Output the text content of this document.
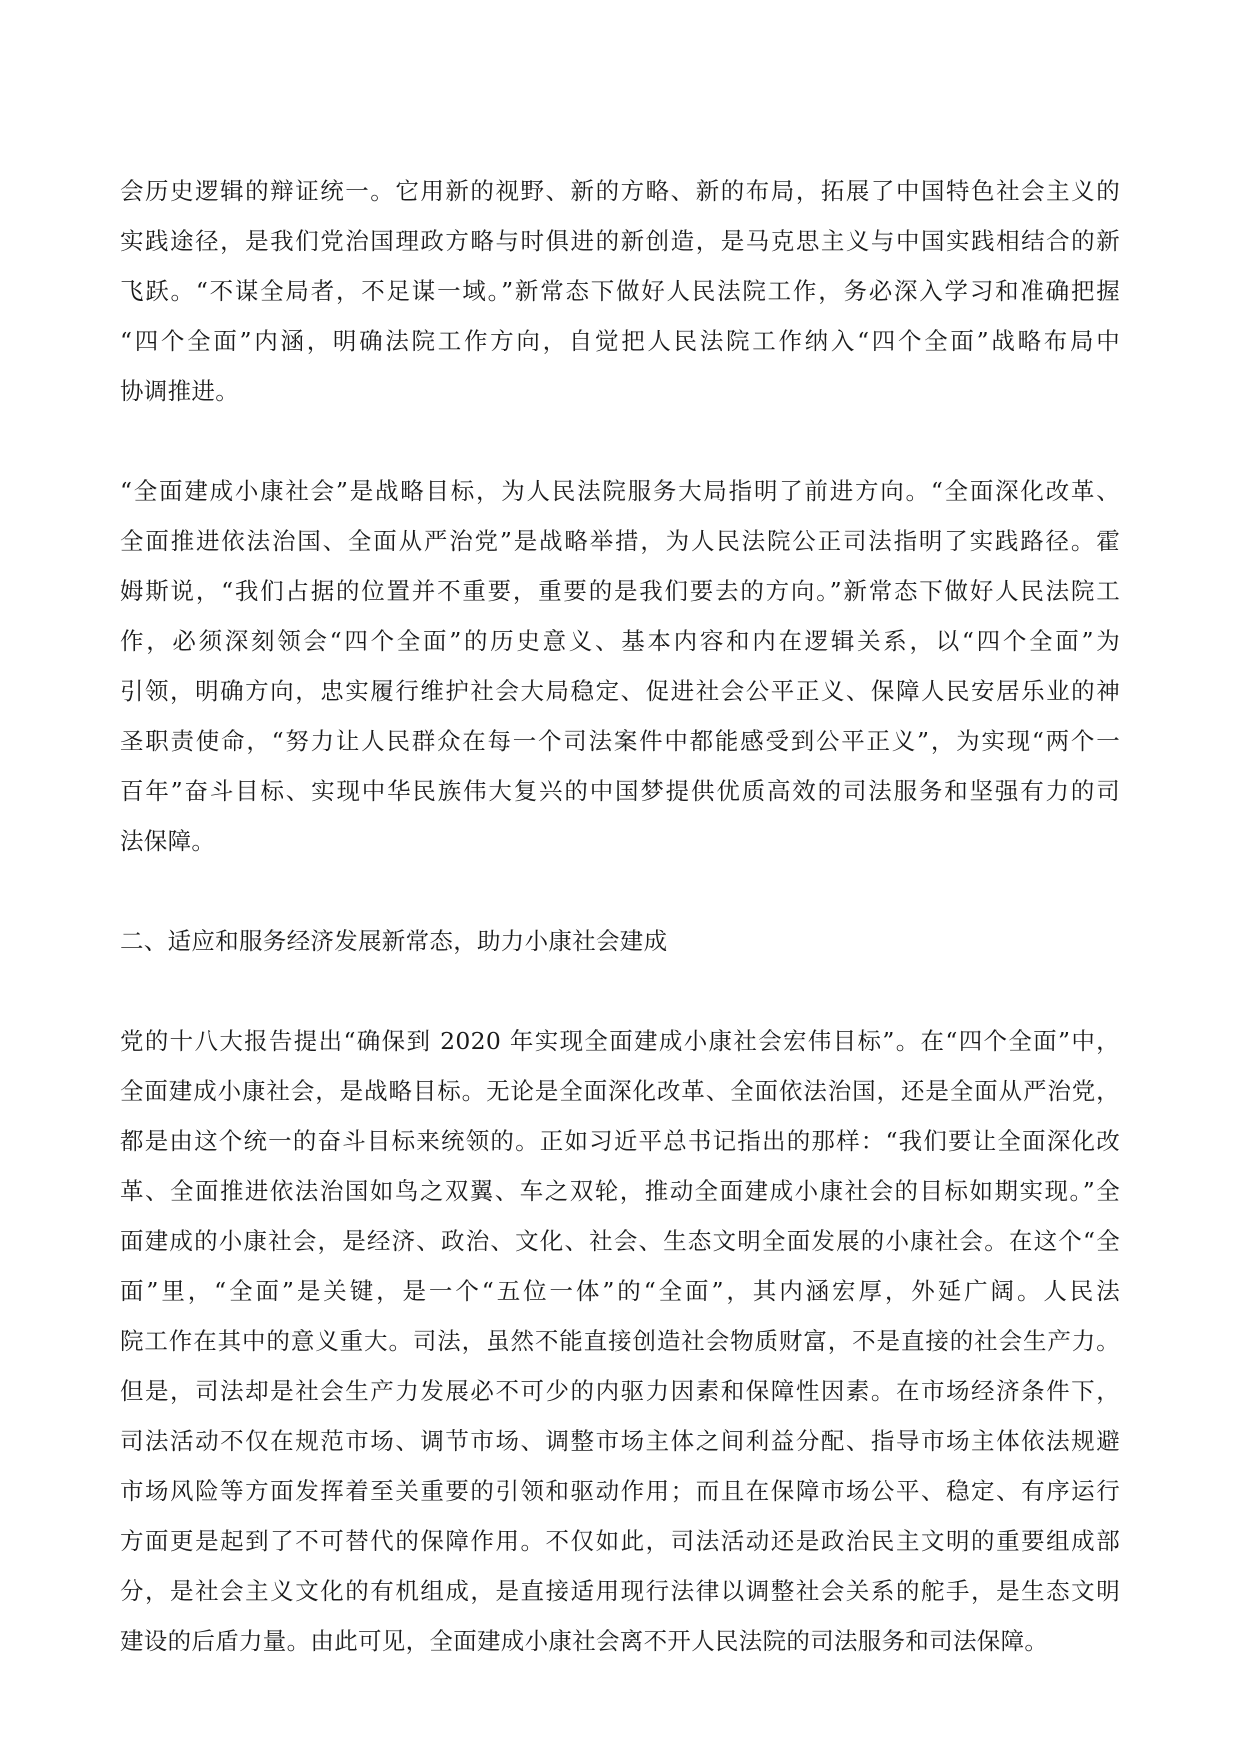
会历史逻辑的辩证统一。它用新的视野、新的方略、新的布局，拓展了中国特色社会主义的

实践途径，是我们党治国理政方略与时俱进的新创造，是马克思主义与中国实践相结合的新

飞跃。“不谋全局者，不足谋一域。”新常态下做好人民法院工作，务必深入学习和准确把握

“四个全面”内涵，明确法院工作方向，自觉把人民法院工作纳入“四个全面”战略布局中

协调推进。

“全面建成小康社会”是战略目标，为人民法院服务大局指明了前进方向。“全面深化改革、

全面推进依法治国、全面从严治党”是战略举措，为人民法院公正司法指明了实践路径。霍

姆斯说，“我们占据的位置并不重要，重要的是我们要去的方向。”新常态下做好人民法院工

作，必须深刻领会“四个全面”的历史意义、基本内容和内在逻辑关系，以“四个全面”为

引领，明确方向，忠实履行维护社会大局稳定、促进社会公平正义、保障人民安居乐业的神

圣职责使命，“努力让人民群众在每一个司法案件中都能感受到公平正义”，为实现“两个一

百年”奋斗目标、实现中华民族伟大复兴的中国梦提供优质高效的司法服务和坚强有力的司

法保障。

二、适应和服务经济发展新常态，助力小康社会建成

党的十八大报告提出“确保到 2020 年实现全面建成小康社会宏伟目标”。在“四个全面”中，

全面建成小康社会，是战略目标。无论是全面深化改革、全面依法治国，还是全面从严治党，

都是由这个统一的奋斗目标来统领的。正如习近平总书记指出的那样：“我们要让全面深化改

革、全面推进依法治国如鸟之双翼、车之双轮，推动全面建成小康社会的目标如期实现。”全

面建成的小康社会，是经济、政治、文化、社会、生态文明全面发展的小康社会。在这个“全

面”里，“全面”是关键，是一个“五位一体”的“全面”，其内涵宏厚，外延广阔。人民法

院工作在其中的意义重大。司法，虽然不能直接创造社会物质财富，不是直接的社会生产力。

但是，司法却是社会生产力发展必不可少的内驱力因素和保障性因素。在市场经济条件下，

司法活动不仅在规范市场、调节市场、调整市场主体之间利益分配、指导市场主体依法规避

市场风险等方面发挥着至关重要的引领和驱动作用；而且在保障市场公平、稳定、有序运行

方面更是起到了不可替代的保障作用。不仅如此，司法活动还是政治民主文明的重要组成部

分，是社会主义文化的有机组成，是直接适用现行法律以调整社会关系的舵手，是生态文明

建设的后盾力量。由此可见，全面建成小康社会离不开人民法院的司法服务和司法保障。
